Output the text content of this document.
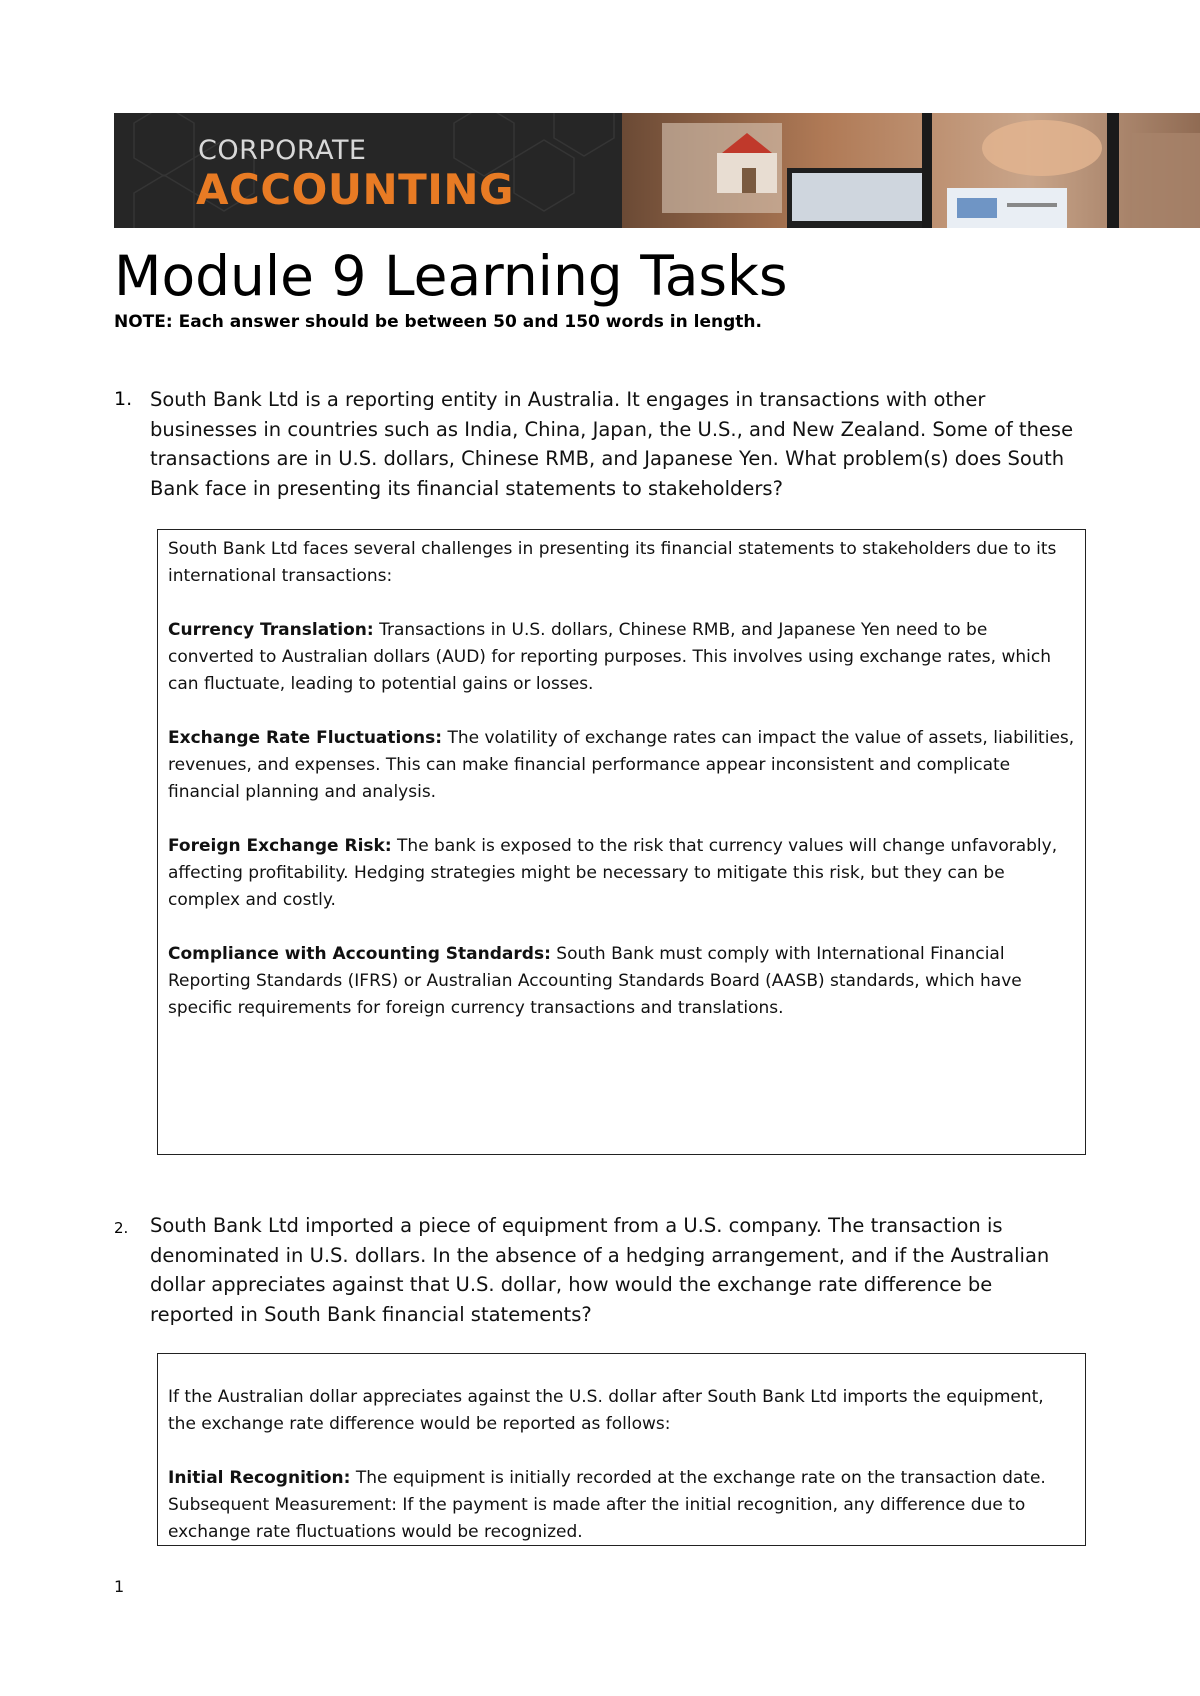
CORPORATE
ACCOUNTING
Module 9 Learning Tasks
NOTE: Each answer should be between 50 and 150 words in length.
1. South Bank Ltd is a reporting entity in Australia. It engages in transactions with other businesses in countries such as India, China, Japan, the U.S., and New Zealand. Some of these transactions are in U.S. dollars, Chinese RMB, and Japanese Yen. What problem(s) does South Bank face in presenting its financial statements to stakeholders?

South Bank Ltd faces several challenges in presenting its financial statements to stakeholders due to its international transactions:

Currency Translation: Transactions in U.S. dollars, Chinese RMB, and Japanese Yen need to be converted to Australian dollars (AUD) for reporting purposes. This involves using exchange rates, which can fluctuate, leading to potential gains or losses.

Exchange Rate Fluctuations: The volatility of exchange rates can impact the value of assets, liabilities, revenues, and expenses. This can make financial performance appear inconsistent and complicate financial planning and analysis.

Foreign Exchange Risk: The bank is exposed to the risk that currency values will change unfavorably, affecting profitability. Hedging strategies might be necessary to mitigate this risk, but they can be complex and costly.

Compliance with Accounting Standards: South Bank must comply with International Financial Reporting Standards (IFRS) or Australian Accounting Standards Board (AASB) standards, which have specific requirements for foreign currency transactions and translations.

2. South Bank Ltd imported a piece of equipment from a U.S. company. The transaction is denominated in U.S. dollars. In the absence of a hedging arrangement, and if the Australian dollar appreciates against that U.S. dollar, how would the exchange rate difference be reported in South Bank financial statements?

If the Australian dollar appreciates against the U.S. dollar after South Bank Ltd imports the equipment, the exchange rate difference would be reported as follows:

Initial Recognition: The equipment is initially recorded at the exchange rate on the transaction date.

Subsequent Measurement: If the payment is made after the initial recognition, any difference due to exchange rate fluctuations would be recognized.

1
